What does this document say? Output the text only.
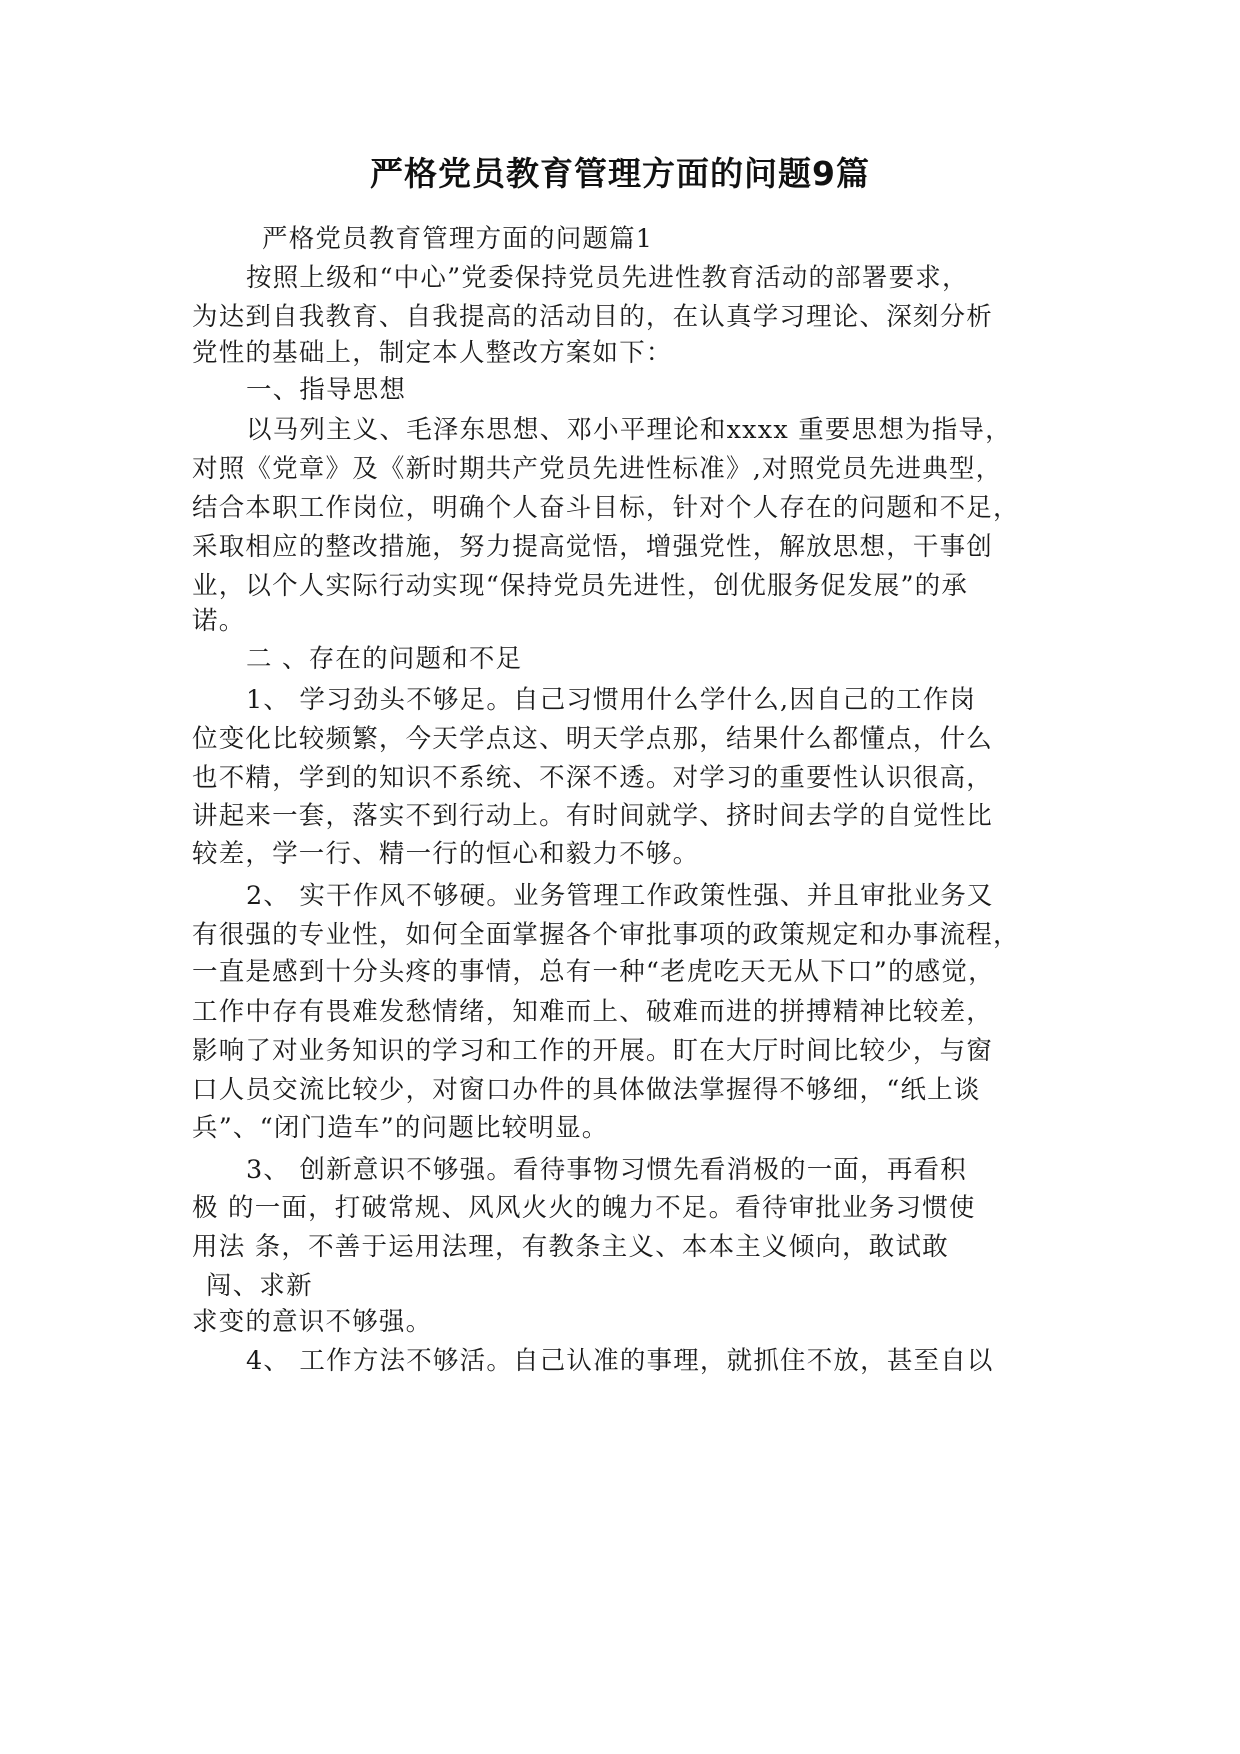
严格党员教育管理方面的问题9篇
严格党员教育管理方面的问题篇1
按照上级和“中心”党委保持党员先进性教育活动的部署要求，
为达到自我教育、自我提高的活动目的，在认真学习理论、深刻分析
党性的基础上，制定本人整改方案如下：
一、指导思想
以马列主义、毛泽东思想、邓小平理论和xxxx 重要思想为指导，
对照《党章》及《新时期共产党员先进性标准》,对照党员先进典型，
结合本职工作岗位，明确个人奋斗目标，针对个人存在的问题和不足，
采取相应的整改措施，努力提高觉悟，增强党性，解放思想，干事创
业，以个人实际行动实现“保持党员先进性，创优服务促发展”的承
诺。
二 、存在的问题和不足
1、 学习劲头不够足。自己习惯用什么学什么,因自己的工作岗
位变化比较频繁，今天学点这、明天学点那，结果什么都懂点，什么
也不精，学到的知识不系统、不深不透。对学习的重要性认识很高，
讲起来一套，落实不到行动上。有时间就学、挤时间去学的自觉性比
较差，学一行、精一行的恒心和毅力不够。
2、 实干作风不够硬。业务管理工作政策性强、并且审批业务又
有很强的专业性，如何全面掌握各个审批事项的政策规定和办事流程，
一直是感到十分头疼的事情，总有一种“老虎吃天无从下口”的感觉，
工作中存有畏难发愁情绪，知难而上、破难而进的拼搏精神比较差，
影响了对业务知识的学习和工作的开展。盯在大厅时间比较少，与窗
口人员交流比较少，对窗口办件的具体做法掌握得不够细，“纸上谈
兵”、“闭门造车”的问题比较明显。
3、 创新意识不够强。看待事物习惯先看消极的一面，再看积
极 的一面，打破常规、风风火火的魄力不足。看待审批业务习惯使
用法 条，不善于运用法理，有教条主义、本本主义倾向，敢试敢
闯、求新
求变的意识不够强。
4、 工作方法不够活。自己认准的事理，就抓住不放，甚至自以
